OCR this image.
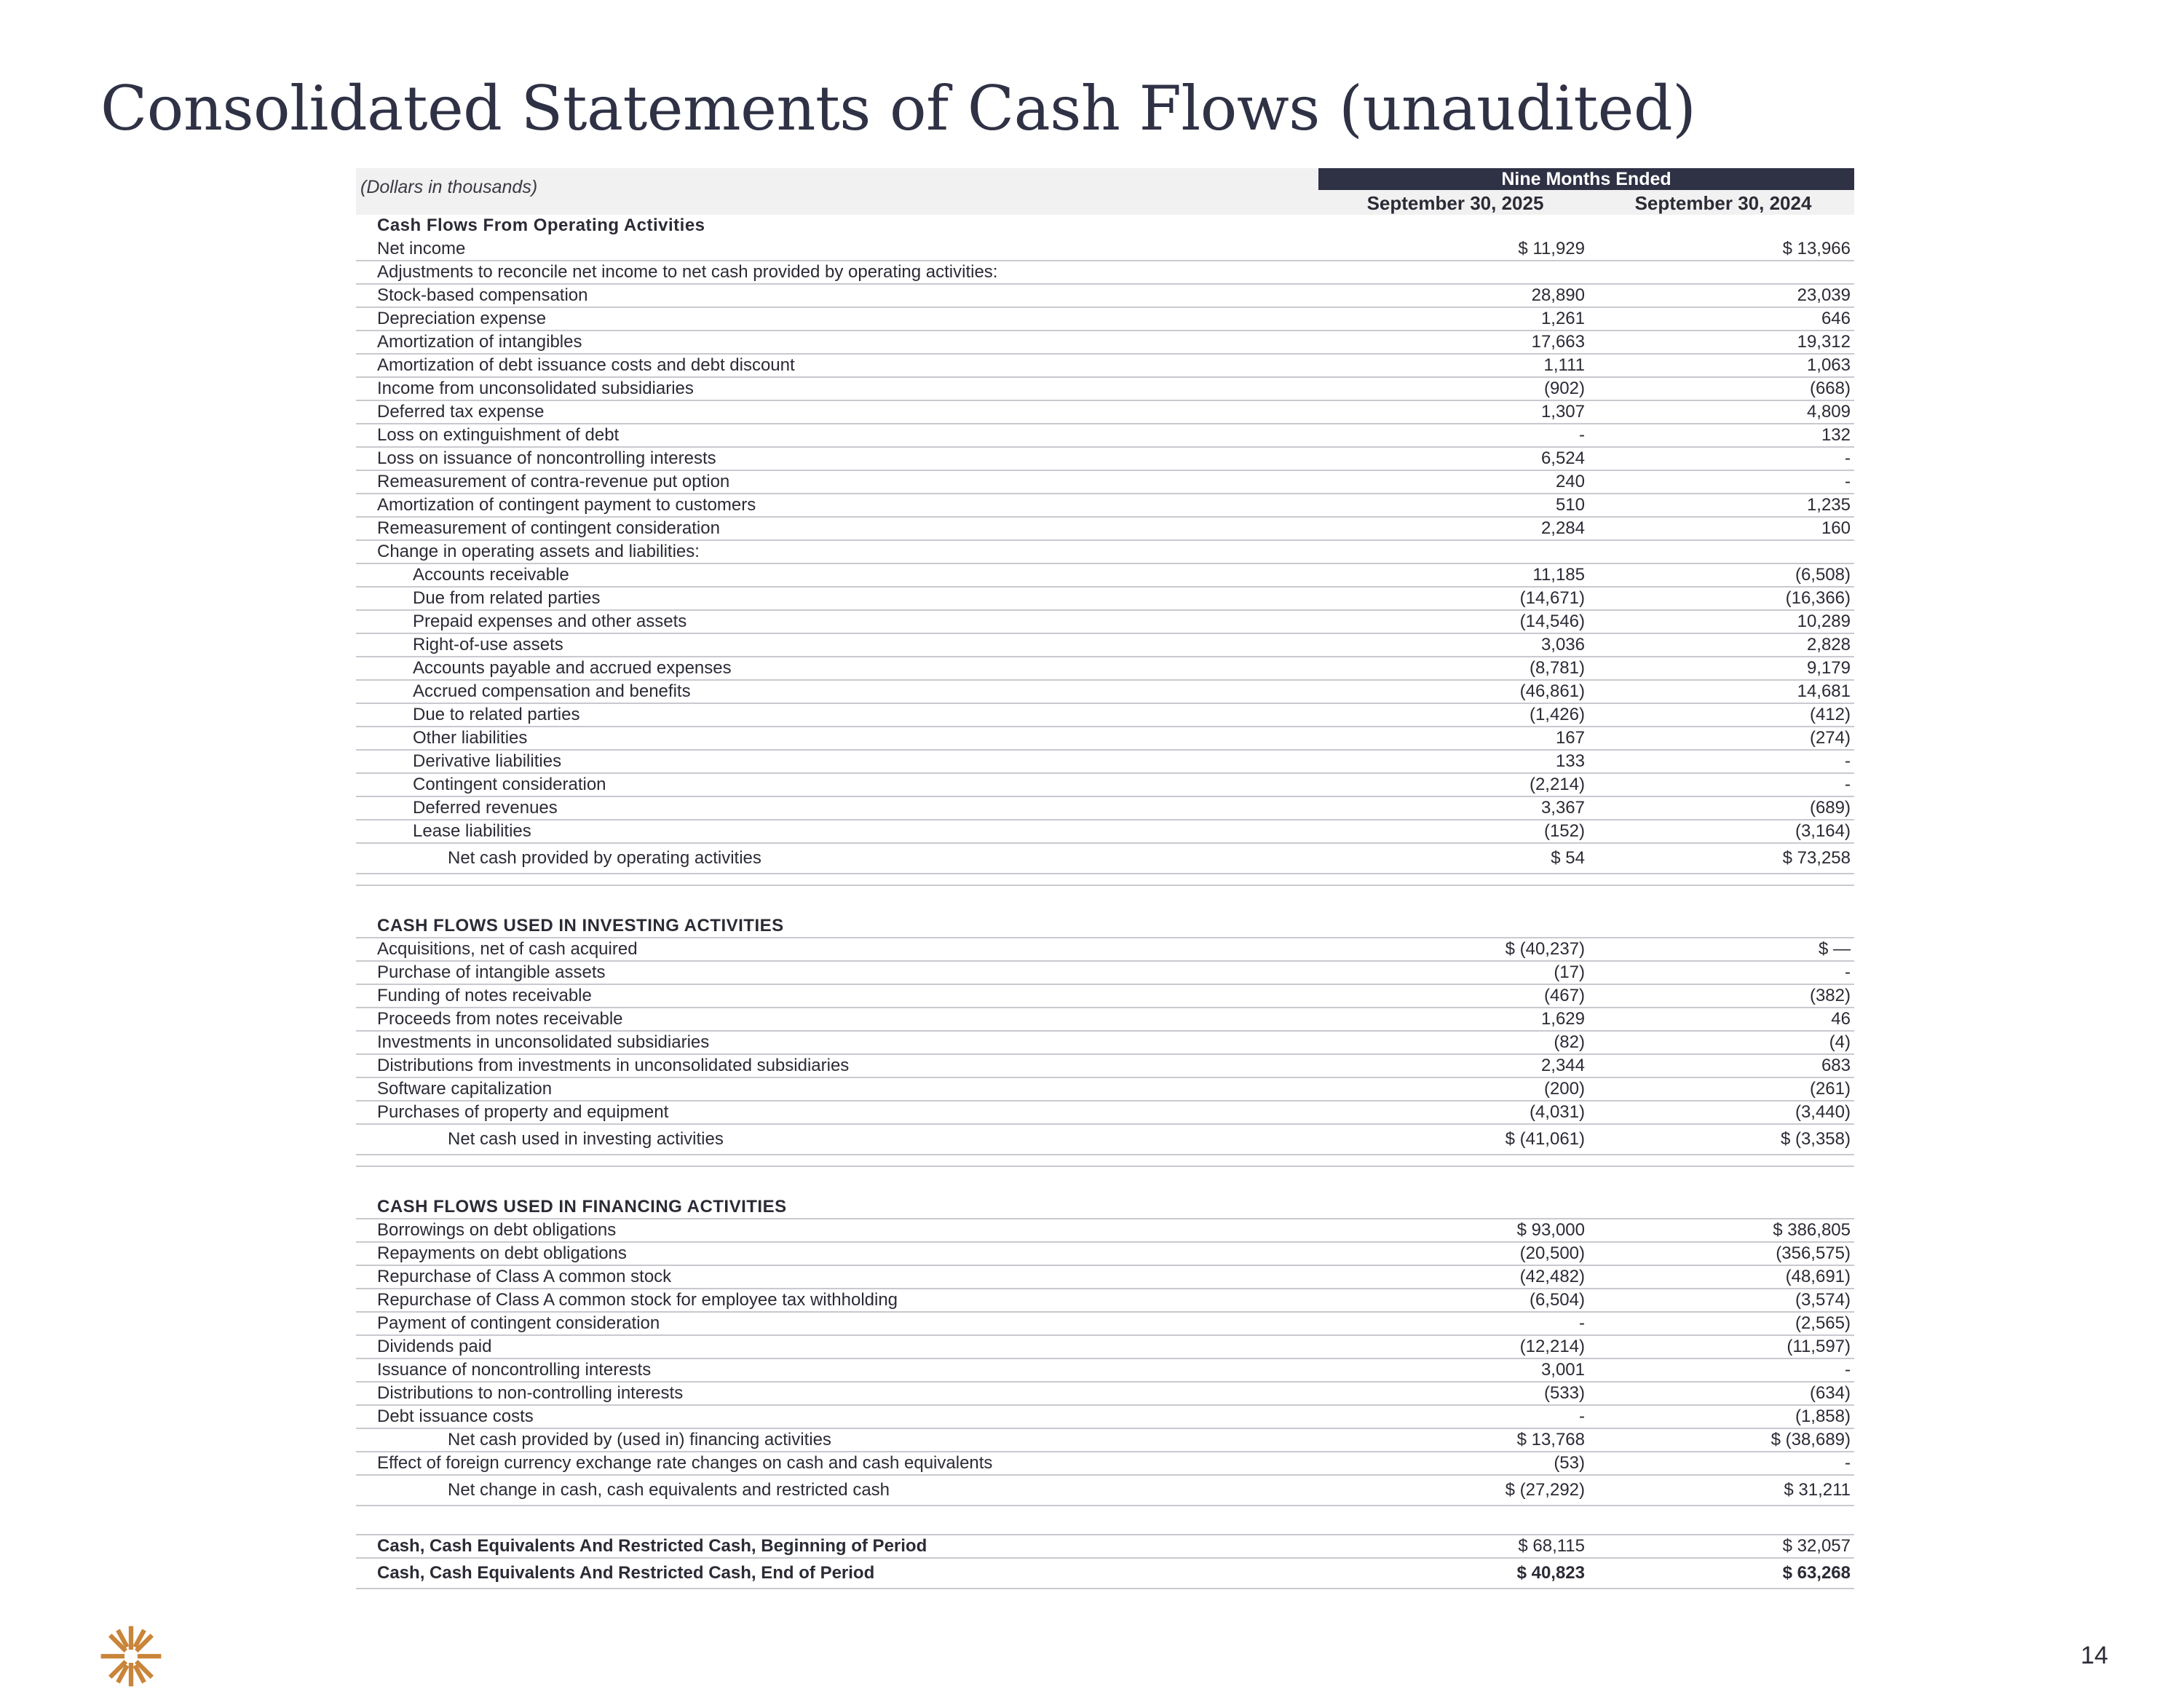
Consolidated Statements of Cash Flows (unaudited)
(Dollars in thousands)	Nine Months Ended
September 30, 2025	September 30, 2024
Cash Flows From Operating Activities
Net income	$ 11,929	$ 13,966
Adjustments to reconcile net income to net cash provided by operating activities:
Stock-based compensation	28,890	23,039
Depreciation expense	1,261	646
Amortization of intangibles	17,663	19,312
Amortization of debt issuance costs and debt discount	1,111	1,063
Income from unconsolidated subsidiaries	(902)	(668)
Deferred tax expense	1,307	4,809
Loss on extinguishment of debt	-	132
Loss on issuance of noncontrolling interests	6,524	-
Remeasurement of contra-revenue put option	240	-
Amortization of contingent payment to customers	510	1,235
Remeasurement of contingent consideration	2,284	160
Change in operating assets and liabilities:
Accounts receivable	11,185	(6,508)
Due from related parties	(14,671)	(16,366)
Prepaid expenses and other assets	(14,546)	10,289
Right-of-use assets	3,036	2,828
Accounts payable and accrued expenses	(8,781)	9,179
Accrued compensation and benefits	(46,861)	14,681
Due to related parties	(1,426)	(412)
Other liabilities	167	(274)
Derivative liabilities	133	-
Contingent consideration	(2,214)	-
Deferred revenues	3,367	(689)
Lease liabilities	(152)	(3,164)
Net cash provided by operating activities	$ 54	$ 73,258
CASH FLOWS USED IN INVESTING ACTIVITIES
Acquisitions, net of cash acquired	$ (40,237)	$ —
Purchase of intangible assets	(17)	-
Funding of notes receivable	(467)	(382)
Proceeds from notes receivable	1,629	46
Investments in unconsolidated subsidiaries	(82)	(4)
Distributions from investments in unconsolidated subsidiaries	2,344	683
Software capitalization	(200)	(261)
Purchases of property and equipment	(4,031)	(3,440)
Net cash used in investing activities	$ (41,061)	$ (3,358)
CASH FLOWS USED IN FINANCING ACTIVITIES
Borrowings on debt obligations	$ 93,000	$ 386,805
Repayments on debt obligations	(20,500)	(356,575)
Repurchase of Class A common stock	(42,482)	(48,691)
Repurchase of Class A common stock for employee tax withholding	(6,504)	(3,574)
Payment of contingent consideration	-	(2,565)
Dividends paid	(12,214)	(11,597)
Issuance of noncontrolling interests	3,001	-
Distributions to non-controlling interests	(533)	(634)
Debt issuance costs	-	(1,858)
Net cash provided by (used in) financing activities	$ 13,768	$ (38,689)
Effect of foreign currency exchange rate changes on cash and cash equivalents	(53)	-
Net change in cash, cash equivalents and restricted cash	$ (27,292)	$ 31,211
Cash, Cash Equivalents And Restricted Cash, Beginning of Period	$ 68,115	$ 32,057
Cash, Cash Equivalents And Restricted Cash, End of Period	$ 40,823	$ 63,268
14
